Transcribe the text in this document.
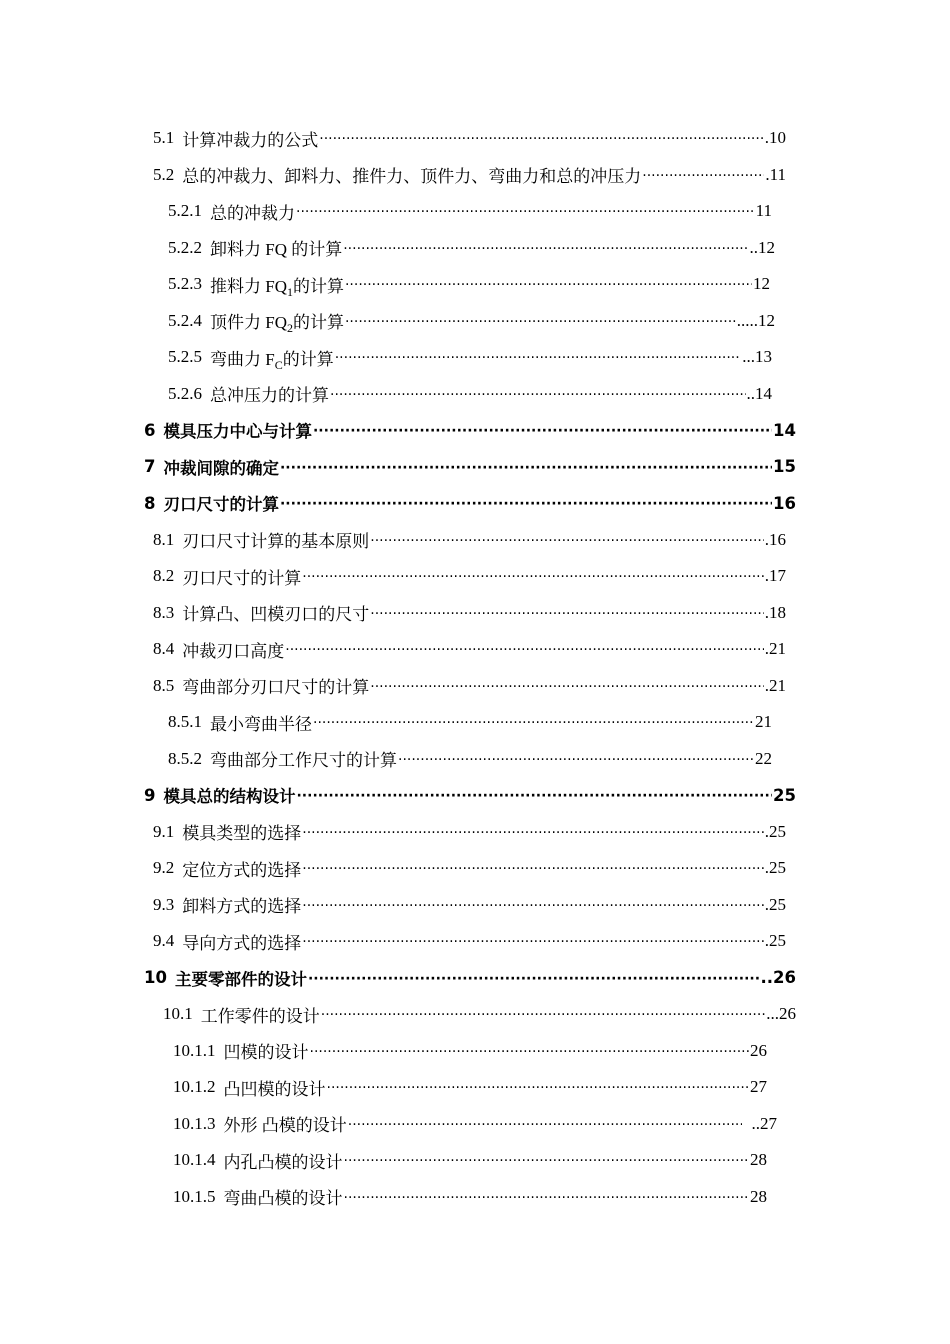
5.1 计算冲裁力的公式 ·····	.10
5.2 总的冲裁力、卸料力、推件力、顶件力、弯曲力和总的冲压力 ·····	.11
5.2.1 总的冲裁力 ·····	11
5.2.2 卸料力 FQ 的计算 ·····	..12
5.2.3 推料力 $FQ_1$的计算 ·····	12
5.2.4 顶件力 $FQ_2$的计算 ·····	.....12
5.2.5 弯曲力 $F_C$的计算 ·····	...13
5.2.6 总冲压力的计算 ·····	..14
6 模具压力中心与计算 ·····	14
7 冲裁间隙的确定 ·····	15
8 刃口尺寸的计算 ·····	16
8.1 刃口尺寸计算的基本原则 ·····	.16
8.2 刃口尺寸的计算 ·····	.17
8.3 计算凸、凹模刃口的尺寸 ·····	.18
8.4 冲裁刃口高度 ·····	.21
8.5 弯曲部分刃口尺寸的计算 ·····	.21
8.5.1 最小弯曲半径 ·····	21
8.5.2 弯曲部分工作尺寸的计算 ·····	22
9 模具总的结构设计 ·····	25
9.1 模具类型的选择 ·····	.25
9.2 定位方式的选择 ·····	.25
9.3 卸料方式的选择 ·····	.25
9.4 导向方式的选择 ·····	.25
10 主要零部件的设计 ·····	..26
10.1 工作零件的设计 ·····	...26
10.1.1 凹模的设计 ·····	26
10.1.2 凸凹模的设计 ·····	27
10.1.3 外形 凸模的设计 ·····	..27
10.1.4 内孔凸模的设计 ·····	28
10.1.5 弯曲凸模的设计 ·····	28
